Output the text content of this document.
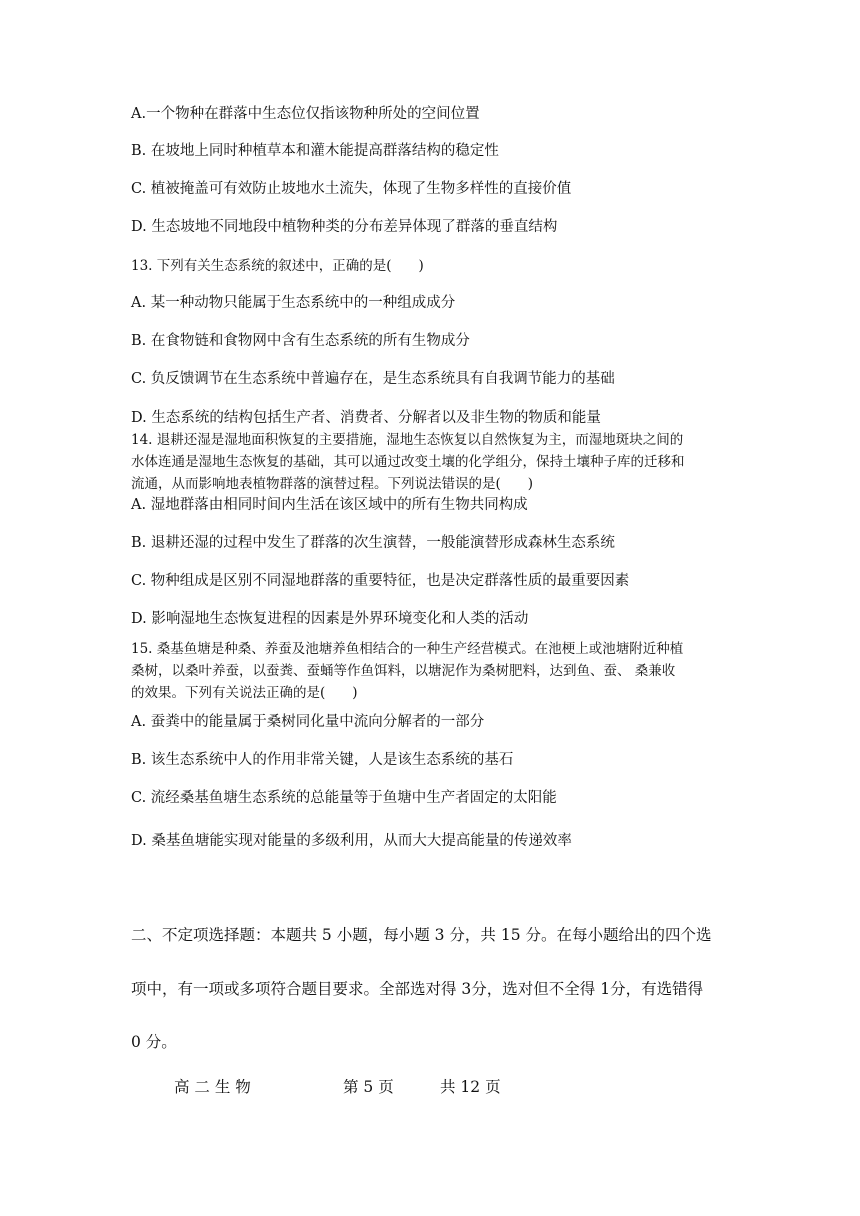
A.一个物种在群落中生态位仅指该物种所处的空间位置
B. 在坡地上同时种植草本和灌木能提高群落结构的稳定性
C. 植被掩盖可有效防止坡地水土流失，体现了生物多样性的直接价值
D. 生态坡地不同地段中植物种类的分布差异体现了群落的垂直结构
13. 下列有关生态系统的叙述中，正确的是(　　)
A. 某一种动物只能属于生态系统中的一种组成成分
B. 在食物链和食物网中含有生态系统的所有生物成分
C. 负反馈调节在生态系统中普遍存在，是生态系统具有自我调节能力的基础
D. 生态系统的结构包括生产者、消费者、分解者以及非生物的物质和能量
14. 退耕还湿是湿地面积恢复的主要措施，湿地生态恢复以自然恢复为主，而湿地斑块之间的
水体连通是湿地生态恢复的基础，其可以通过改变土壤的化学组分，保持土壤种子库的迁移和
流通，从而影响地表植物群落的演替过程。下列说法错误的是(　　)
A. 湿地群落由相同时间内生活在该区域中的所有生物共同构成
B. 退耕还湿的过程中发生了群落的次生演替，一般能演替形成森林生态系统
C. 物种组成是区别不同湿地群落的重要特征，也是决定群落性质的最重要因素
D. 影响湿地生态恢复进程的因素是外界环境变化和人类的活动
15. 桑基鱼塘是种桑、养蚕及池塘养鱼相结合的一种生产经营模式。在池梗上或池塘附近种植
桑树，以桑叶养蚕，以蚕粪、蚕蛹等作鱼饵料，以塘泥作为桑树肥料，达到鱼、蚕、 桑兼收
的效果。下列有关说法正确的是(　　)
A. 蚕粪中的能量属于桑树同化量中流向分解者的一部分
B. 该生态系统中人的作用非常关键，人是该生态系统的基石
C. 流经桑基鱼塘生态系统的总能量等于鱼塘中生产者固定的太阳能
D. 桑基鱼塘能实现对能量的多级利用，从而大大提高能量的传递效率
二、不定项选择题：本题共 5 小题，每小题 3 分，共 15 分。在每小题给出的四个选
项中，有一项或多项符合题目要求。全部选对得 3分，选对但不全得 1分，有选错得
0 分。
高 二 生 物	第 5 页	共 12 页
